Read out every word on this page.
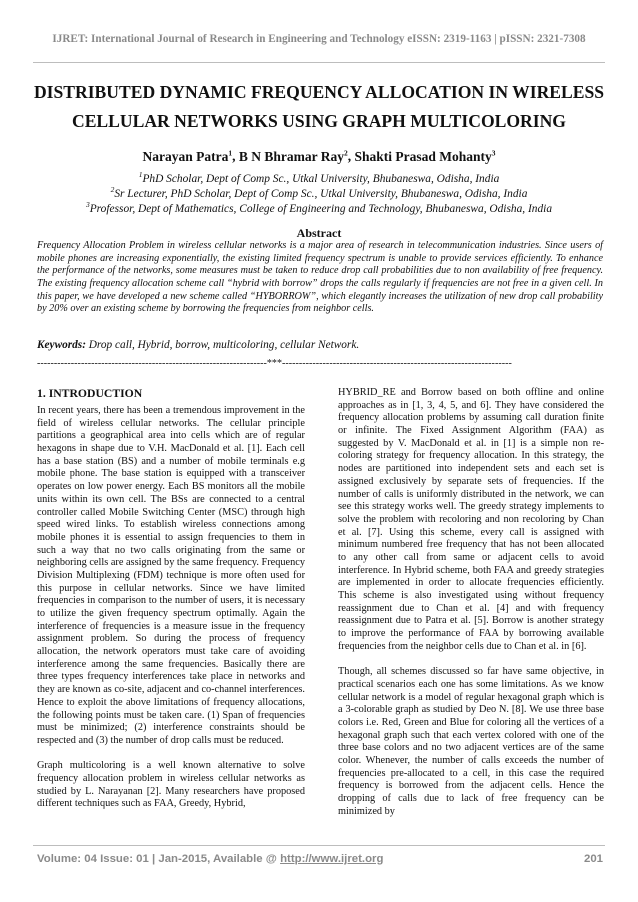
IJRET: International Journal of Research in Engineering and Technology eISSN: 2319-1163 | pISSN: 2321-7308
DISTRIBUTED DYNAMIC FREQUENCY ALLOCATION IN WIRELESS
CELLULAR NETWORKS USING GRAPH MULTICOLORING
Narayan Patra$^1$, B N Bhramar Ray$^2$, Shakti Prasad Mohanty$^3$
$^1$PhD Scholar, Dept of Comp Sc., Utkal University, Bhubaneswa, Odisha, India
$^2$Sr Lecturer, PhD Scholar, Dept of Comp Sc., Utkal University, Bhubaneswa, Odisha, India
$^3$Professor, Dept of Mathematics, College of Engineering and Technology, Bhubaneswa, Odisha, India
Abstract
Frequency Allocation Problem in wireless cellular networks is a major area of research in telecommunication industries. Since users of mobile phones are increasing exponentially, the existing limited frequency spectrum is unable to provide services efficiently. To enhance the performance of the networks, some measures must be taken to reduce drop call probabilities due to non availability of free frequency. The existing frequency allocation scheme call “hybrid with borrow” drops the calls regularly if frequencies are not free in a given cell. In this paper, we have developed a new scheme called “HYBORROW”, which elegantly increases the utilization of new drop call probability by 20% over an existing scheme by borrowing the frequencies from neighbor cells.
Keywords: Drop call, Hybrid, borrow, multicoloring, cellular Network.
--------------------------------------------------------------------***--------------------------------------------------------------------
1. INTRODUCTION

In recent years, there has been a tremendous improvement in the field of wireless cellular networks. The cellular principle partitions a geographical area into cells which are of regular hexagons in shape due to V.H. MacDonald et al. [1]. Each cell has a base station (BS) and a number of mobile terminals e.g mobile phone. The base station is equipped with a transceiver operates on low power energy. Each BS monitors all the mobile units within its own cell. The BSs are connected to a central controller called Mobile Switching Center (MSC) through high speed wired links. To establish wireless connections among mobile phones it is essential to assign frequencies to them in such a way that no two calls originating from the same or neighboring cells are assigned by the same frequency. Frequency Division Multiplexing (FDM) technique is more often used for this purpose in cellular networks. Since we have limited frequencies in comparison to the number of users, it is necessary to utilize the given frequency spectrum optimally. Again the interference of frequencies is a measure issue in the frequency assignment problem. So during the process of frequency allocation, the network operators must take care of avoiding interference among the same frequencies. Basically there are three types frequency interferences take place in networks and they are known as co-site, adjacent and co-channel interferences. Hence to exploit the above limitations of frequency allocations, the following points must be taken care. (1) Span of frequencies must be minimized; (2) interference constraints should be respected and (3) the number of drop calls must be reduced.

Graph multicoloring is a well known alternative to solve frequency allocation problem in wireless cellular networks as studied by L. Narayanan [2]. Many researchers have proposed different techniques such as FAA, Greedy, Hybrid,

HYBRID_RE and Borrow based on both offline and online approaches as in [1, 3, 4, 5, and 6]. They have considered the frequency allocation problems by assuming call duration finite or infinite. The Fixed Assignment Algorithm (FAA) as suggested by V. MacDonald et al. in [1] is a simple non re-coloring strategy for frequency allocation. In this strategy, the nodes are partitioned into independent sets and each set is assigned exclusively by separate sets of frequencies. If the number of calls is uniformly distributed in the network, we can see this strategy works well. The greedy strategy implements to solve the problem with recoloring and non recoloring by Chan et al. [7]. Using this scheme, every call is assigned with minimum numbered free frequency that has not been allocated to any other call from same or adjacent cells to avoid interference. In Hybrid scheme, both FAA and greedy strategies are implemented in order to allocate frequencies efficiently. This scheme is also investigated using without frequency reassignment due to Chan et al. [4] and with frequency reassignment due to Patra et al. [5]. Borrow is another strategy to improve the performance of FAA by borrowing available frequencies from the neighbor cells due to Chan et al. in [6].

Though, all schemes discussed so far have same objective, in practical scenarios each one has some limitations. As we know cellular network is a model of regular hexagonal graph which is a 3-colorable graph as studied by Deo N. [8]. We use three base colors i.e. Red, Green and Blue for coloring all the vertices of a hexagonal graph such that each vertex colored with one of the three base colors and no two adjacent vertices are of the same color. Whenever, the number of calls exceeds the number of frequencies pre-allocated to a cell, in this case the required frequency is borrowed from the adjacent cells. Hence the dropping of calls due to lack of free frequency can be minimized by

Volume: 04 Issue: 01 | Jan-2015, Available @ http://www.ijret.org	201
